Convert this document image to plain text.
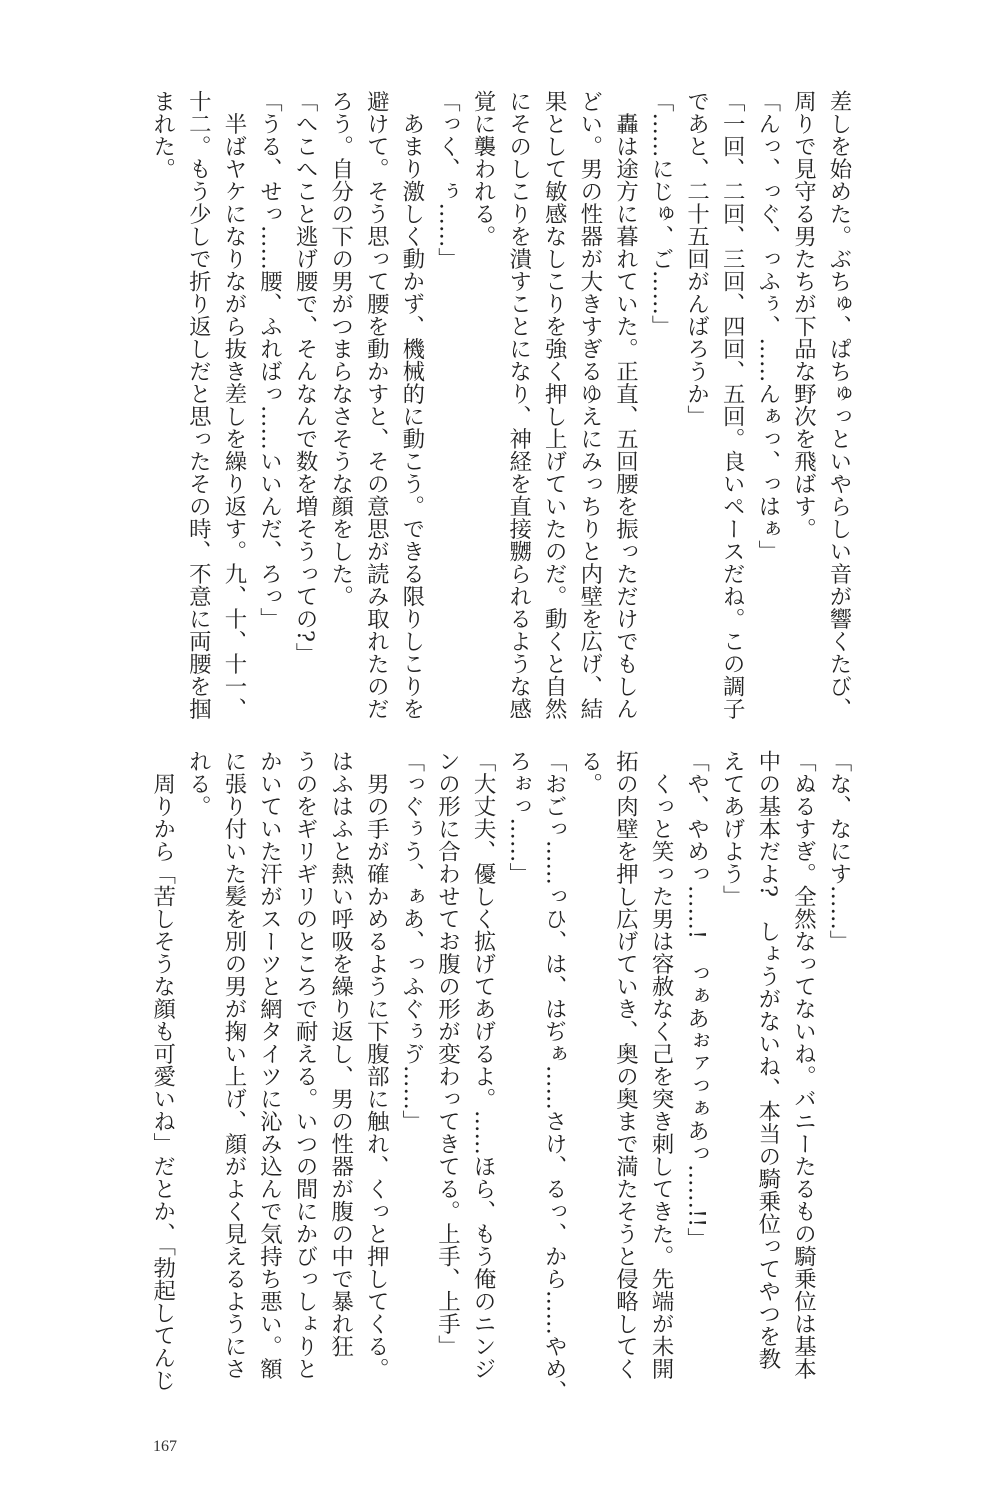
差しを始めた。ぶちゅ、ぱちゅっといやらしい音が響くたび、
周りで見守る男たちが下品な野次を飛ばす。
「んっ、っぐ、っふぅ、……んぁっ、っはぁ」
「一回、二回、三回、四回、五回。良いペースだね。この調子
であと、二十五回がんばろうか」
「……にじゅ、ご……」
　轟は途方に暮れていた。正直、五回腰を振っただけでもしん
どい。男の性器が大きすぎるゆえにみっちりと内壁を広げ、結
果として敏感なしこりを強く押し上げていたのだ。動くと自然
にそのしこりを潰すことになり、神経を直接嬲られるような感
覚に襲われる。
「っく、ぅ……」
　あまり激しく動かず、機械的に動こう。できる限りしこりを
避けて。そう思って腰を動かすと、その意思が読み取れたのだ
ろう。自分の下の男がつまらなさそうな顔をした。
「へこへこと逃げ腰で、そんなんで数を増そうっての?」
「うる、せっ……腰、ふればっ……いいんだ、ろっ」
　半ばヤケになりながら抜き差しを繰り返す。九、十、十一、
十二。もう少しで折り返しだと思ったその時、不意に両腰を掴
まれた。
「な、なにす……」
「ぬるすぎ。全然なってないね。バニーたるもの騎乗位は基本
中の基本だよ?　しょうがないね、本当の騎乗位ってやつを教
えてあげよう」
「や、やめっ……!　っぁあぉァっぁあっ……!!」
　くっと笑った男は容赦なく己を突き刺してきた。先端が未開
拓の肉壁を押し広げていき、奥の奥まで満たそうと侵略してく
る。
「おごっ……っひ、は、はぢぁ……さけ、るっ、から……やめ、
ろぉっ……」
「大丈夫、優しく拡げてあげるよ。……ほら、もう俺のニンジ
ンの形に合わせてお腹の形が変わってきてる。上手、上手」
「っぐぅう、ぁあ、っふぐぅゔ……」
　男の手が確かめるように下腹部に触れ、くっと押してくる。
はふはふと熱い呼吸を繰り返し、男の性器が腹の中で暴れ狂
うのをギリギリのところで耐える。いつの間にかびっしょりと
かいていた汗がスーツと網タイツに沁み込んで気持ち悪い。額
に張り付いた髪を別の男が掬い上げ、顔がよく見えるようにさ
れる。
　周りから「苦しそうな顔も可愛いね」だとか、「勃起してんじ
167
